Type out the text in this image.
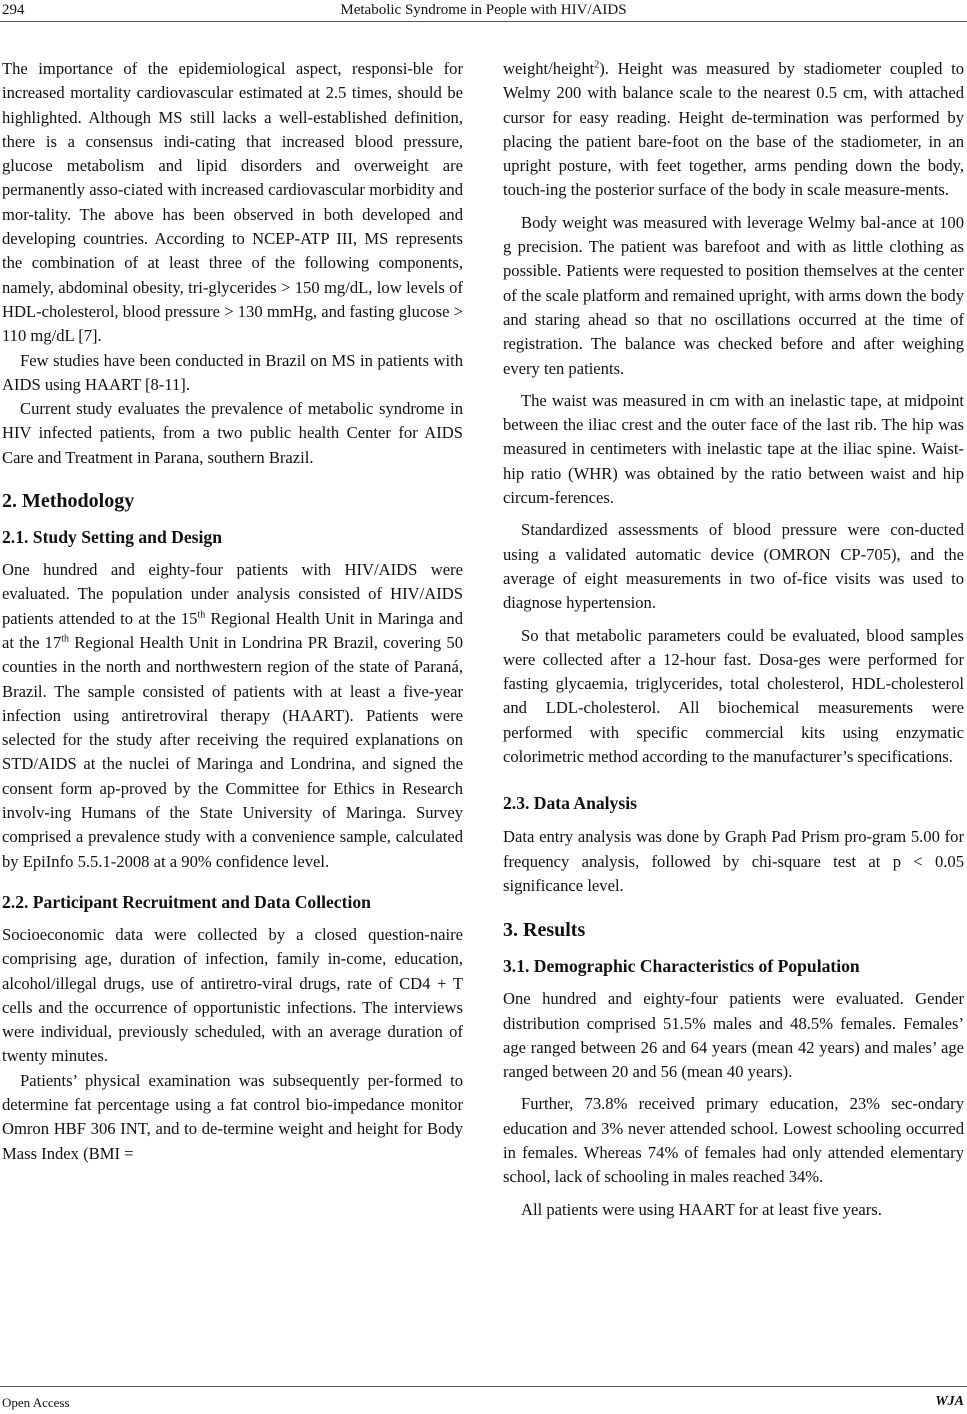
294	Metabolic Syndrome in People with HIV/AIDS

The importance of the epidemiological aspect, responsi-ble for increased mortality cardiovascular estimated at 2.5 times, should be highlighted. Although MS still lacks a well-established definition, there is a consensus indi-cating that increased blood pressure, glucose metabolism and lipid disorders and overweight are permanently asso-ciated with increased cardiovascular morbidity and mor-tality. The above has been observed in both developed and developing countries. According to NCEP-ATP III, MS represents the combination of at least three of the following components, namely, abdominal obesity, tri-glycerides > 150 mg/dL, low levels of HDL-cholesterol, blood pressure > 130 mmHg, and fasting glucose > 110 mg/dL [7].

Few studies have been conducted in Brazil on MS in patients with AIDS using HAART [8-11].

Current study evaluates the prevalence of metabolic syndrome in HIV infected patients, from a two public health Center for AIDS Care and Treatment in Parana, southern Brazil.

2. Methodology
2.1. Study Setting and Design

One hundred and eighty-four patients with HIV/AIDS were evaluated. The population under analysis consisted of HIV/AIDS patients attended to at the 15th Regional Health Unit in Maringa and at the 17th Regional Health Unit in Londrina PR Brazil, covering 50 counties in the north and northwestern region of the state of Paraná, Brazil. The sample consisted of patients with at least a five-year infection using antiretroviral therapy (HAART). Patients were selected for the study after receiving the required explanations on STD/AIDS at the nuclei of Maringa and Londrina, and signed the consent form ap-proved by the Committee for Ethics in Research involv-ing Humans of the State University of Maringa. Survey comprised a prevalence study with a convenience sample, calculated by EpiInfo 5.5.1-2008 at a 90% confidence level.

2.2. Participant Recruitment and Data Collection

Socioeconomic data were collected by a closed question-naire comprising age, duration of infection, family in-come, education, alcohol/illegal drugs, use of antiretro-viral drugs, rate of CD4 + T cells and the occurrence of opportunistic infections. The interviews were individual, previously scheduled, with an average duration of twenty minutes.

Patients’ physical examination was subsequently per-formed to determine fat percentage using a fat control bio-impedance monitor Omron HBF 306 INT, and to de-termine weight and height for Body Mass Index (BMI =

weight/height$^2$). Height was measured by stadiometer coupled to Welmy 200 with balance scale to the nearest 0.5 cm, with attached cursor for easy reading. Height de-termination was performed by placing the patient bare-foot on the base of the stadiometer, in an upright posture, with feet together, arms pending down the body, touch-ing the posterior surface of the body in scale measure-ments.

Body weight was measured with leverage Welmy bal-ance at 100 g precision. The patient was barefoot and with as little clothing as possible. Patients were requested to position themselves at the center of the scale platform and remained upright, with arms down the body and staring ahead so that no oscillations occurred at the time of registration. The balance was checked before and after weighing every ten patients.

The waist was measured in cm with an inelastic tape, at midpoint between the iliac crest and the outer face of the last rib. The hip was measured in centimeters with inelastic tape at the iliac spine. Waist-hip ratio (WHR) was obtained by the ratio between waist and hip circum-ferences.

Standardized assessments of blood pressure were con-ducted using a validated automatic device (OMRON CP-705), and the average of eight measurements in two of-fice visits was used to diagnose hypertension.

So that metabolic parameters could be evaluated, blood samples were collected after a 12-hour fast. Dosa-ges were performed for fasting glycaemia, triglycerides, total cholesterol, HDL-cholesterol and LDL-cholesterol. All biochemical measurements were performed with specific commercial kits using enzymatic colorimetric method according to the manufacturer’s specifications.

2.3. Data Analysis

Data entry analysis was done by Graph Pad Prism pro-gram 5.00 for frequency analysis, followed by chi-square test at p < 0.05 significance level.

3. Results
3.1. Demographic Characteristics of Population

One hundred and eighty-four patients were evaluated. Gender distribution comprised 51.5% males and 48.5% females. Females’ age ranged between 26 and 64 years (mean 42 years) and males’ age ranged between 20 and 56 (mean 40 years).

Further, 73.8% received primary education, 23% sec-ondary education and 3% never attended school. Lowest schooling occurred in females. Whereas 74% of females had only attended elementary school, lack of schooling in males reached 34%.

All patients were using HAART for at least five years.

Open Access	WJA
